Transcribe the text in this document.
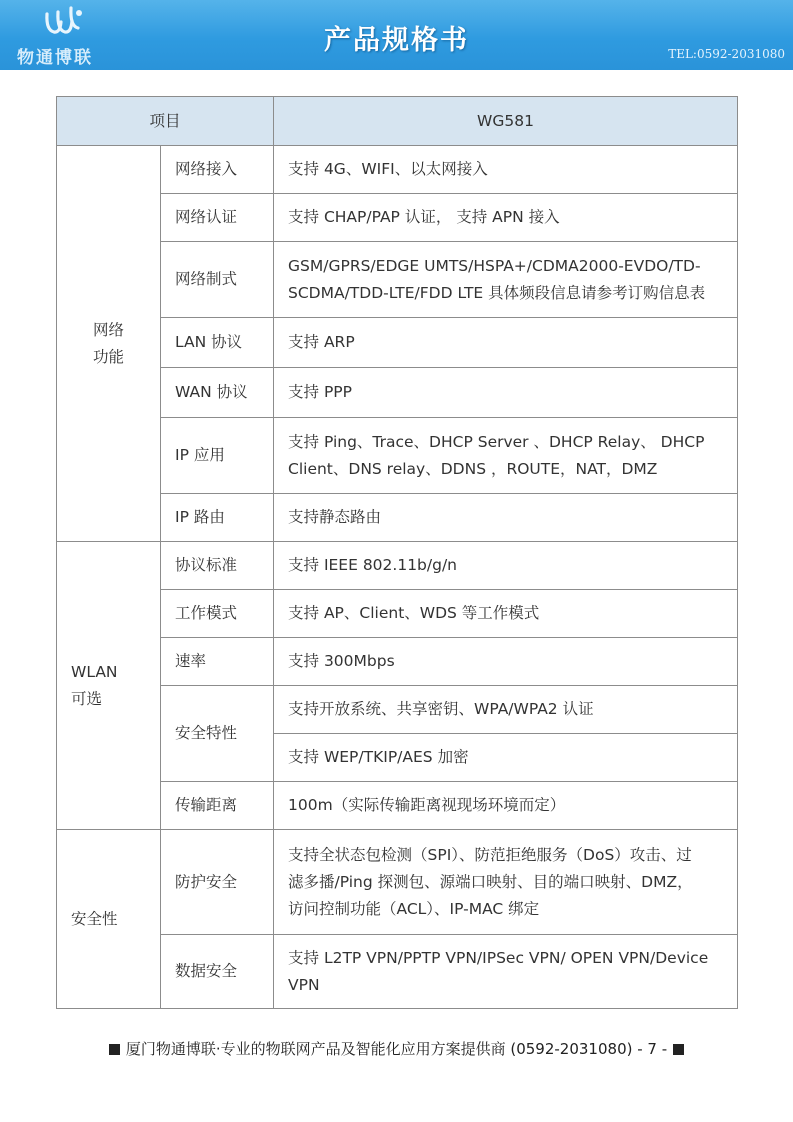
物通博联
产品规格书	TEL:0592-2031080
项目		WG581
网络
功能	网络接入	支持 4G、WIFI、以太网接入
	网络认证	支持 CHAP/PAP 认证， 支持 APN 接入
	网络制式	GSM/GPRS/EDGE UMTS/HSPA+/CDMA2000-EVDO/TD-
SCDMA/TDD-LTE/FDD LTE 具体频段信息请参考订购信息表
	LAN 协议	支持 ARP
	WAN 协议	支持 PPP
	IP 应用	支持 Ping、Trace、DHCP Server 、DHCP Relay、 DHCP
Client、DNS relay、DDNS ，ROUTE，NAT，DMZ
	IP 路由	支持静态路由
WLAN
可选	协议标准	支持 IEEE 802.11b/g/n
	工作模式	支持 AP、Client、WDS 等工作模式
	速率	支持 300Mbps
	安全特性	支持开放系统、共享密钥、WPA/WPA2 认证
		支持 WEP/TKIP/AES 加密
	传输距离	100m（实际传输距离视现场环境而定）
安全性	防护安全	支持全状态包检测（SPI）、防范拒绝服务（DoS）攻击、过
滤多播/Ping 探测包、源端口映射、目的端口映射、DMZ，
访问控制功能（ACL）、IP-MAC 绑定
	数据安全	支持 L2TP VPN/PPTP VPN/IPSec VPN/ OPEN VPN/Device
VPN
厦门物通博联·专业的物联网产品及智能化应用方案提供商 (0592-2031080) - 7 -
